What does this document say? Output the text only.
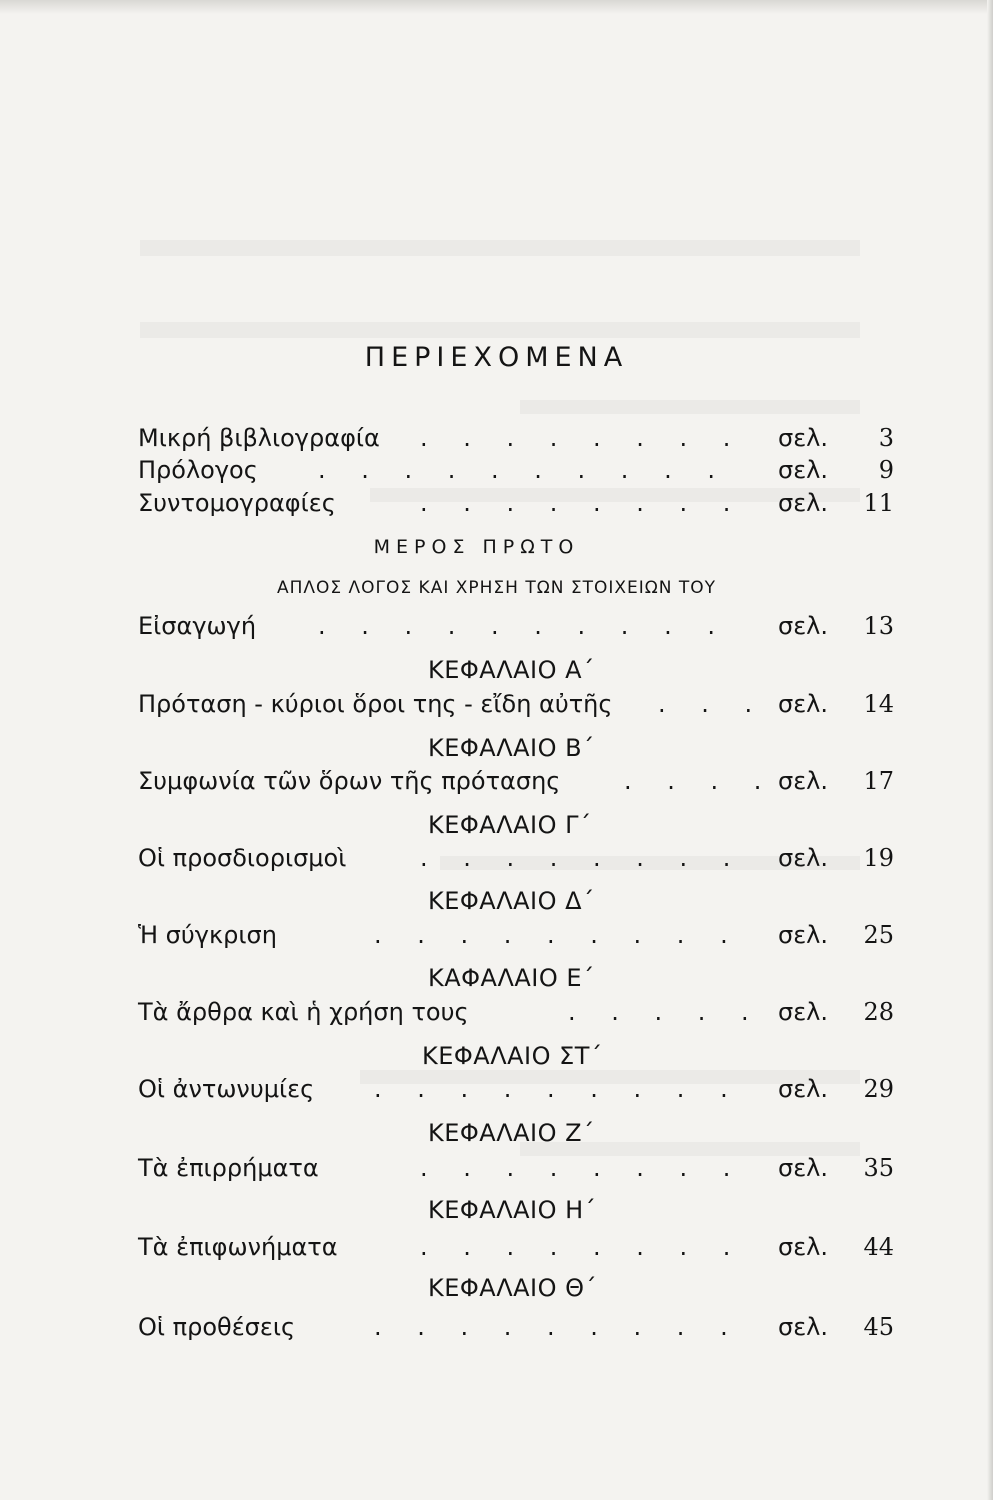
ΠΕΡΙΕΧΟΜΕΝΑ
Μικρή βιβλιογραφία . . . . . . . . σελ. 3
Πρόλογος	. . . . . . . . . . σελ. 9
Συντομογραφίες	. . . . . . . . σελ. 11
ΜΕΡΟΣ ΠΡΩΤΟ
ΑΠΛΟΣ ΛΟΓΟΣ ΚΑΙ ΧΡΗΣΗ ΤΩΝ ΣΤΟΙΧΕΙΩΝ ΤΟΥ
Εἰσαγωγή	. . . . . . . . . . σελ. 13
ΚΕΦΑΛΑΙΟ Α΄
Πρόταση - κύριοι ὅροι της - εἴδη αὐτῆς . . . σελ. 14
ΚΕΦΑΛΑΙΟ Β΄
Συμφωνία τῶν ὅρων τῆς πρότασης	. . . . σελ. 17
ΚΕΦΑΛΑΙΟ Γ΄
Οἱ προσδιορισμοὶ	. . . . . . . . σελ. 19
ΚΕΦΑΛΑΙΟ Δ΄
Ἡ σύγκριση	. . . . . . . . . σελ. 25
ΚΑΦΑΛΑΙΟ Ε΄
Τὰ ἄρθρα καὶ ἡ χρήση τους	. . . . . σελ. 28
ΚΕΦΑΛΑΙΟ ΣΤ΄
Οἱ ἀντωνυμίες . . . . . . . . . σελ. 29
ΚΕΦΑΛΑΙΟ Ζ΄
Τὰ ἐπιρρήματα	. . . . . . . . σελ. 35
ΚΕΦΑΛΑΙΟ Η΄
Τὰ ἐπιφωνήματα	. . . . . . . . σελ. 44
ΚΕΦΑΛΑΙΟ Θ΄
Οἱ προθέσεις	. . . . . . . . . σελ. 45
